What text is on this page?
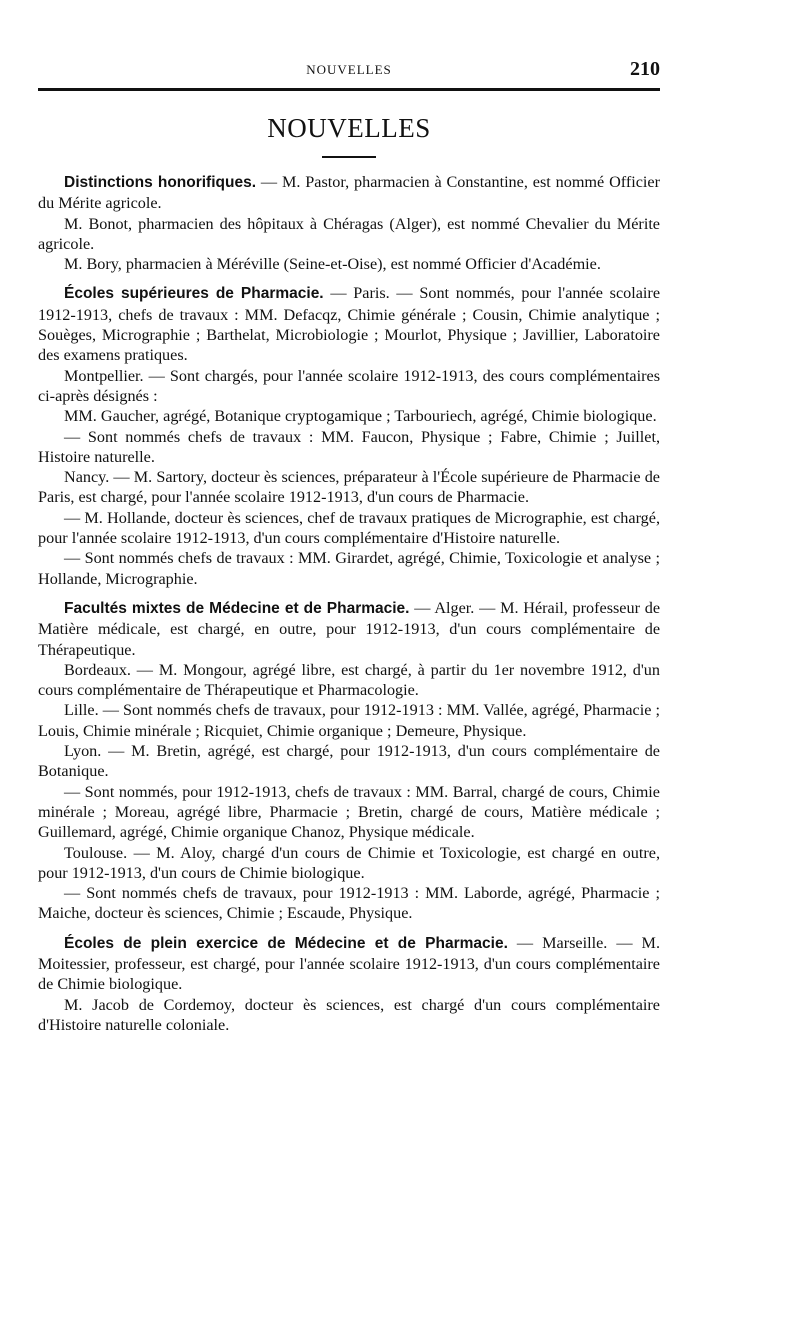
NOUVELLES	210
NOUVELLES

Distinctions honorifiques. — M. Pastor, pharmacien à Constantine, est nommé Officier du Mérite agricole.

M. Bonot, pharmacien des hôpitaux à Chéragas (Alger), est nommé Chevalier du Mérite agricole.

M. Bory, pharmacien à Méréville (Seine-et-Oise), est nommé Officier d'Académie.

Écoles supérieures de Pharmacie. — Paris. — Sont nommés, pour l'année scolaire 1912-1913, chefs de travaux : MM. Defacqz, Chimie générale ; Cousin, Chimie analytique ; Souèges, Micrographie ; Barthelat, Microbiologie ; Mourlot, Physique ; Javillier, Laboratoire des examens pratiques.

Montpellier. — Sont chargés, pour l'année scolaire 1912-1913, des cours complémentaires ci-après désignés :

MM. Gaucher, agrégé, Botanique cryptogamique ; Tarbouriech, agrégé, Chimie biologique.

— Sont nommés chefs de travaux : MM. Faucon, Physique ; Fabre, Chimie ; Juillet, Histoire naturelle.

Nancy. — M. Sartory, docteur ès sciences, préparateur à l'École supérieure de Pharmacie de Paris, est chargé, pour l'année scolaire 1912-1913, d'un cours de Pharmacie.

— M. Hollande, docteur ès sciences, chef de travaux pratiques de Micrographie, est chargé, pour l'année scolaire 1912-1913, d'un cours complémentaire d'Histoire naturelle.

— Sont nommés chefs de travaux : MM. Girardet, agrégé, Chimie, Toxicologie et analyse ; Hollande, Micrographie.

Facultés mixtes de Médecine et de Pharmacie. — Alger. — M. Hérail, professeur de Matière médicale, est chargé, en outre, pour 1912-1913, d'un cours complémentaire de Thérapeutique.

Bordeaux. — M. Mongour, agrégé libre, est chargé, à partir du 1er novembre 1912, d'un cours complémentaire de Thérapeutique et Pharmacologie.

Lille. — Sont nommés chefs de travaux, pour 1912-1913 : MM. Vallée, agrégé, Pharmacie ; Louis, Chimie minérale ; Ricquiet, Chimie organique ; Demeure, Physique.

Lyon. — M. Bretin, agrégé, est chargé, pour 1912-1913, d'un cours complémentaire de Botanique.

— Sont nommés, pour 1912-1913, chefs de travaux : MM. Barral, chargé de cours, Chimie minérale ; Moreau, agrégé libre, Pharmacie ; Bretin, chargé de cours, Matière médicale ; Guillemard, agrégé, Chimie organique Chanoz, Physique médicale.

Toulouse. — M. Aloy, chargé d'un cours de Chimie et Toxicologie, est chargé en outre, pour 1912-1913, d'un cours de Chimie biologique.

— Sont nommés chefs de travaux, pour 1912-1913 : MM. Laborde, agrégé, Pharmacie ; Maiche, docteur ès sciences, Chimie ; Escaude, Physique.

Écoles de plein exercice de Médecine et de Pharmacie. — Marseille. — M. Moitessier, professeur, est chargé, pour l'année scolaire 1912-1913, d'un cours complémentaire de Chimie biologique.

M. Jacob de Cordemoy, docteur ès sciences, est chargé d'un cours complémentaire d'Histoire naturelle coloniale.
